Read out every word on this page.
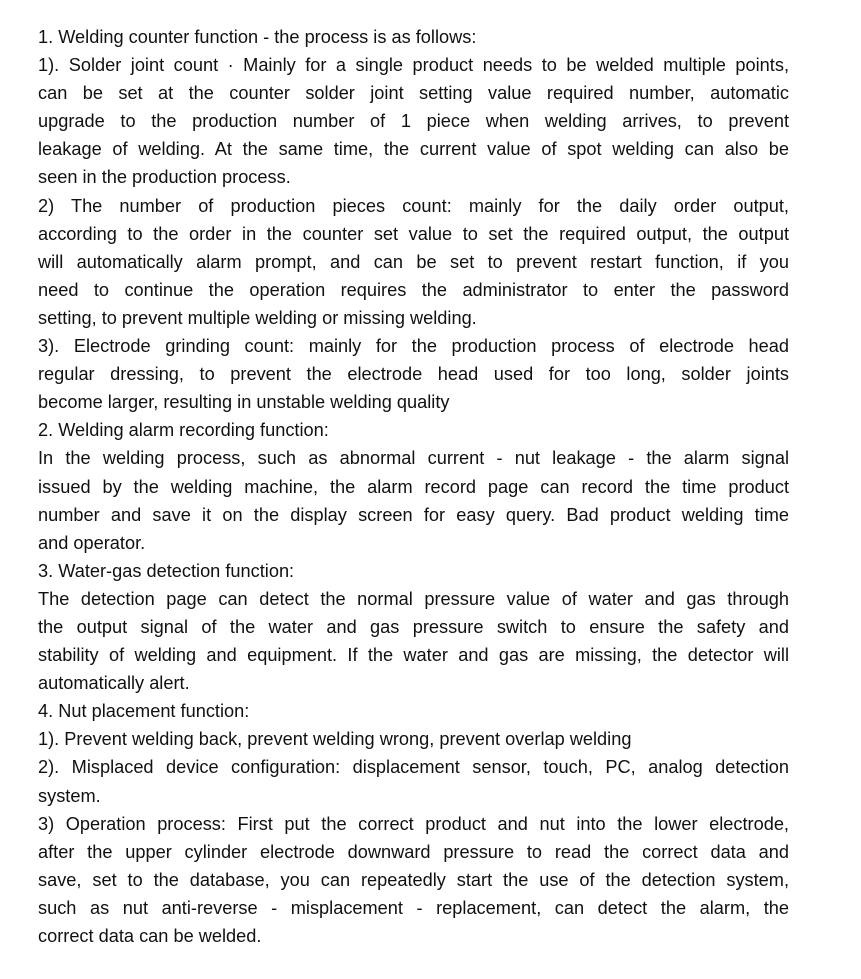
1. Welding counter function - the process is as follows:
1). Solder joint count · Mainly for a single product needs to be welded multiple points,
can be set at the counter solder joint setting value required number, automatic
upgrade to the production number of 1 piece when welding arrives, to prevent
leakage of welding. At the same time, the current value of spot welding can also be
seen in the production process.
2) The number of production pieces count: mainly for the daily order output,
according to the order in the counter set value to set the required output, the output
will automatically alarm prompt, and can be set to prevent restart function, if you
need to continue the operation requires the administrator to enter the password
setting, to prevent multiple welding or missing welding.
3). Electrode grinding count: mainly for the production process of electrode head
regular dressing, to prevent the electrode head used for too long, solder joints
become larger, resulting in unstable welding quality
2. Welding alarm recording function:
In the welding process, such as abnormal current - nut leakage - the alarm signal
issued by the welding machine, the alarm record page can record the time product
number and save it on the display screen for easy query. Bad product welding time
and operator.
3. Water-gas detection function:
The detection page can detect the normal pressure value of water and gas through
the output signal of the water and gas pressure switch to ensure the safety and
stability of welding and equipment. If the water and gas are missing, the detector will
automatically alert.
4. Nut placement function:
1). Prevent welding back, prevent welding wrong, prevent overlap welding
2). Misplaced device configuration: displacement sensor, touch, PC, analog detection
system.
3) Operation process: First put the correct product and nut into the lower electrode,
after the upper cylinder electrode downward pressure to read the correct data and
save, set to the database, you can repeatedly start the use of the detection system,
such as nut anti-reverse - misplacement - replacement, can detect the alarm, the
correct data can be welded.
